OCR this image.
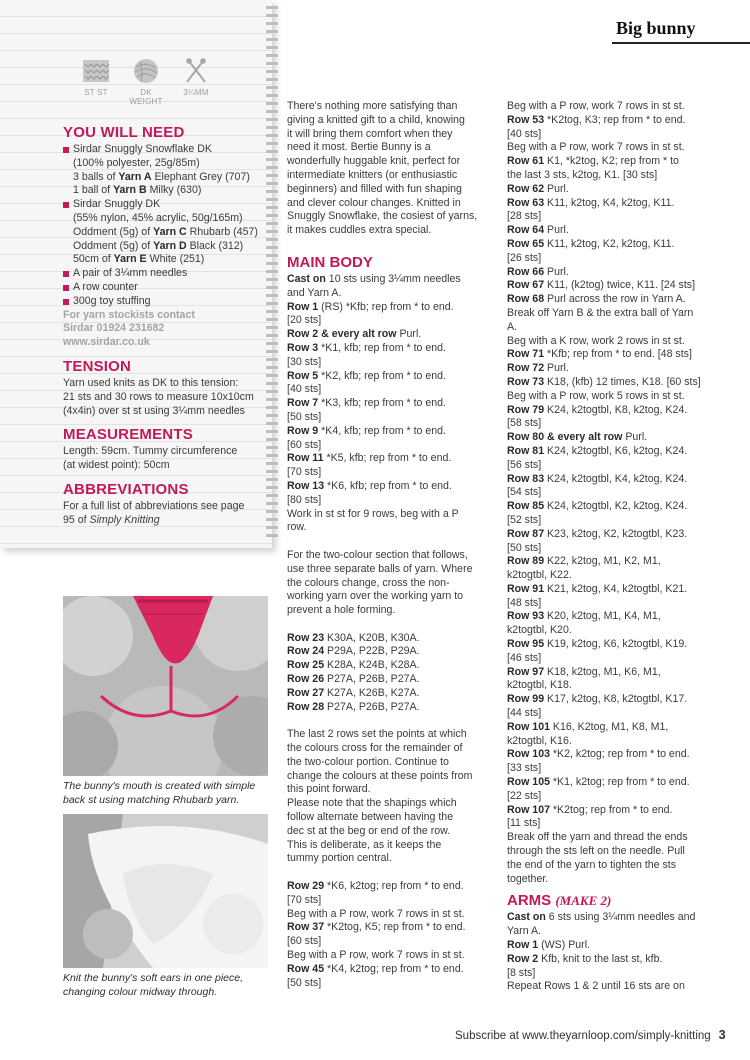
Big bunny
ST ST	DK WEIGHT
3¼MM
YOU WILL NEED
Sirdar Snuggly Snowflake DK
(100% polyester, 25g/85m)
3 balls of Yarn A Elephant Grey (707)
1 ball of Yarn B Milky (630)
Sirdar Snuggly DK
(55% nylon, 45% acrylic, 50g/165m)
Oddment (5g) of Yarn C Rhubarb (457)
Oddment (5g) of Yarn D Black (312)
50cm of Yarn E White (251)
A pair of 3¼mm needles
A row counter
300g toy stuffing
For yarn stockists contact
Sirdar 01924 231682
www.sirdar.co.uk
TENSION
Yarn used knits as DK to this tension:
21 sts and 30 rows to measure 10x10cm
(4x4in) over st st using 3¼mm needles
MEASUREMENTS
Length: 59cm. Tummy circumference
(at widest point): 50cm
ABBREVIATIONS
For a full list of abbreviations see page
95 of Simply Knitting
The bunny's mouth is created with simple
back st using matching Rhubarb yarn.
Knit the bunny's soft ears in one piece,
changing colour midway through.

There's nothing more satisfying than

giving a knitted gift to a child, knowing

it will bring them comfort when they

need it most. Bertie Bunny is a

wonderfully huggable knit, perfect for

intermediate knitters (or enthusiastic

beginners) and filled with fun shaping

and clever colour changes. Knitted in

Snuggly Snowflake, the cosiest of yarns,

it makes cuddles extra special.

MAIN BODY

Cast on 10 sts using 3¼mm needles

and Yarn A.

Row 1 (RS) *Kfb; rep from * to end.

[20 sts]

Row 2 & every alt row Purl.

Row 3 *K1, kfb; rep from * to end.

[30 sts]

Row 5 *K2, kfb; rep from * to end.

[40 sts]

Row 7 *K3, kfb; rep from * to end.

[50 sts]

Row 9 *K4, kfb; rep from * to end.

[60 sts]

Row 11 *K5, kfb; rep from * to end.

[70 sts]

Row 13 *K6, kfb; rep from * to end.

[80 sts]

Work in st st for 9 rows, beg with a P

row.

For the two-colour section that follows,

use three separate balls of yarn. Where

the colours change, cross the non-

working yarn over the working yarn to

prevent a hole forming.

Row 23 K30A, K20B, K30A.

Row 24 P29A, P22B, P29A.

Row 25 K28A, K24B, K28A.

Row 26 P27A, P26B, P27A.

Row 27 K27A, K26B, K27A.

Row 28 P27A, P26B, P27A.

The last 2 rows set the points at which

the colours cross for the remainder of

the two-colour portion. Continue to

change the colours at these points from

this point forward.

Please note that the shapings which

follow alternate between having the

dec st at the beg or end of the row.

This is deliberate, as it keeps the

tummy portion central.

Row 29 *K6, k2tog; rep from * to end.

[70 sts]

Beg with a P row, work 7 rows in st st.

Row 37 *K2tog, K5; rep from * to end.

[60 sts]

Beg with a P row, work 7 rows in st st.

Row 45 *K4, k2tog; rep from * to end.

[50 sts]

Beg with a P row, work 7 rows in st st.

Row 53 *K2tog, K3; rep from * to end.

[40 sts]

Beg with a P row, work 7 rows in st st.

Row 61 K1, *k2tog, K2; rep from * to

the last 3 sts, k2tog, K1. [30 sts]

Row 62 Purl.

Row 63 K11, k2tog, K4, k2tog, K11.

[28 sts]

Row 64 Purl.

Row 65 K11, k2tog, K2, k2tog, K11.

[26 sts]

Row 66 Purl.

Row 67 K11, (k2tog) twice, K11. [24 sts]

Row 68 Purl across the row in Yarn A.

Break off Yarn B & the extra ball of Yarn

A.

Beg with a K row, work 2 rows in st st.

Row 71 *Kfb; rep from * to end. [48 sts]

Row 72 Purl.

Row 73 K18, (kfb) 12 times, K18. [60 sts]

Beg with a P row, work 5 rows in st st.

Row 79 K24, k2togtbl, K8, k2tog, K24.

[58 sts]

Row 80 & every alt row Purl.

Row 81 K24, k2togtbl, K6, k2tog, K24.

[56 sts]

Row 83 K24, k2togtbl, K4, k2tog, K24.

[54 sts]

Row 85 K24, k2togtbl, K2, k2tog, K24.

[52 sts]

Row 87 K23, k2tog, K2, k2togtbl, K23.

[50 sts]

Row 89 K22, k2tog, M1, K2, M1,

k2togtbl, K22.

Row 91 K21, k2tog, K4, k2togtbl, K21.

[48 sts]

Row 93 K20, k2tog, M1, K4, M1,

k2togtbl, K20.

Row 95 K19, k2tog, K6, k2togtbl, K19.

[46 sts]

Row 97 K18, k2tog, M1, K6, M1,

k2togtbl, K18.

Row 99 K17, k2tog, K8, k2togtbl, K17.

[44 sts]

Row 101 K16, K2tog, M1, K8, M1,

k2togtbl, K16.

Row 103 *K2, k2tog; rep from * to end.

[33 sts]

Row 105 *K1, k2tog; rep from * to end.

[22 sts]

Row 107 *K2tog; rep from * to end.

[11 sts]

Break off the yarn and thread the ends

through the sts left on the needle. Pull

the end of the yarn to tighten the sts

together.

ARMS (MAKE 2)

Cast on 6 sts using 3¼mm needles and

Yarn A.

Row 1 (WS) Purl.

Row 2 Kfb, knit to the last st, kfb.

[8 sts]

Repeat Rows 1 & 2 until 16 sts are on

Subscribe at www.theyarnloop.com/simply-knitting 3
